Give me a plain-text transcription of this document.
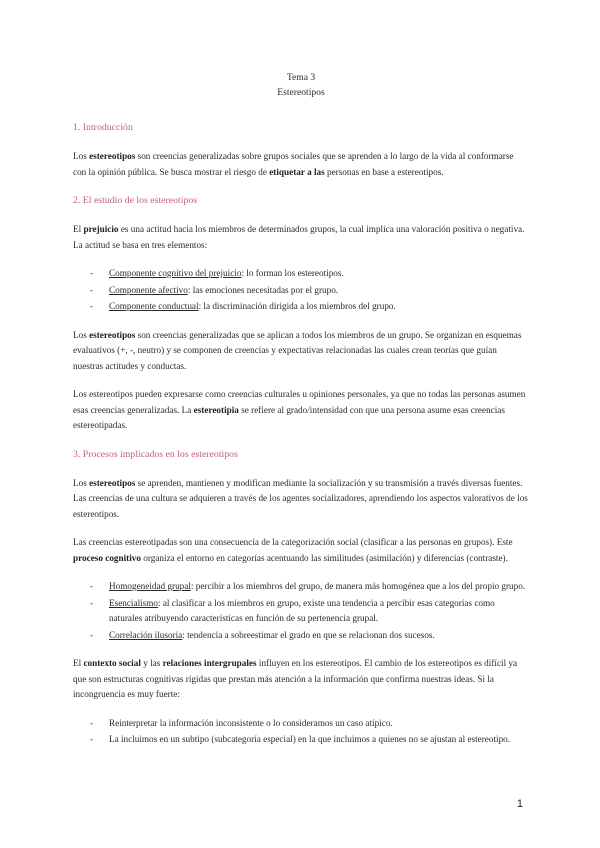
Tema 3
Estereotipos
1. Introducción

Los estereotipos son creencias generalizadas sobre grupos sociales que se aprenden a lo largo de la vida al conformarse con la opinión pública. Se busca mostrar el riesgo de etiquetar a las personas en base a estereotipos.

2. El estudio de los estereotipos

El prejuicio es una actitud hacia los miembros de determinados grupos, la cual implica una valoración positiva o negativa. La actitud se basa en tres elementos:

- Componente cognitivo del prejuicio: lo forman los estereotipos.
- Componente afectivo: las emociones necesitadas por el grupo.
- Componente conductual: la discriminación dirigida a los miembros del grupo.

Los estereotipos son creencias generalizadas que se aplican a todos los miembros de un grupo. Se organizan en esquemas evaluativos (+, -, neutro) y se componen de creencias y expectativas relacionadas las cuales crean teorías que guían nuestras actitudes y conductas.

Los estereotipos pueden expresarse como creencias culturales u opiniones personales, ya que no todas las personas asumen esas creencias generalizadas. La estereotipia se refiere al grado/intensidad con que una persona asume esas creencias estereotipadas.

3. Procesos implicados en los estereotipos

Los estereotipos se aprenden, mantienen y modifican mediante la socialización y su transmisión a través diversas fuentes. Las creencias de una cultura se adquieren a través de los agentes socializadores, aprendiendo los aspectos valorativos de los estereotipos.

Las creencias estereotipadas son una consecuencia de la categorización social (clasificar a las personas en grupos). Este proceso cognitivo organiza el entorno en categorías acentuando las similitudes (asimilación) y diferencias (contraste).

- Homogeneidad grupal: percibir a los miembros del grupo, de manera más homogénea que a los del propio grupo.
- Esencialismo: al clasificar a los miembros en grupo, existe una tendencia a percibir esas categorías como naturales atribuyendo características en función de su pertenencia grupal.
- Correlación ilusoria: tendencia a sobreestimar el grado en que se relacionan dos sucesos.

El contexto social y las relaciones intergrupales influyen en los estereotipos. El cambio de los estereotipos es difícil ya que son estructuras cognitivas rígidas que prestan más atención a la información que confirma nuestras ideas. Si la incongruencia es muy fuerte:

- Reinterpretar la información inconsistente o lo consideramos un caso atípico.
- La incluimos en un subtipo (subcategoría especial) en la que incluimos a quienes no se ajustan al estereotipo.
1
